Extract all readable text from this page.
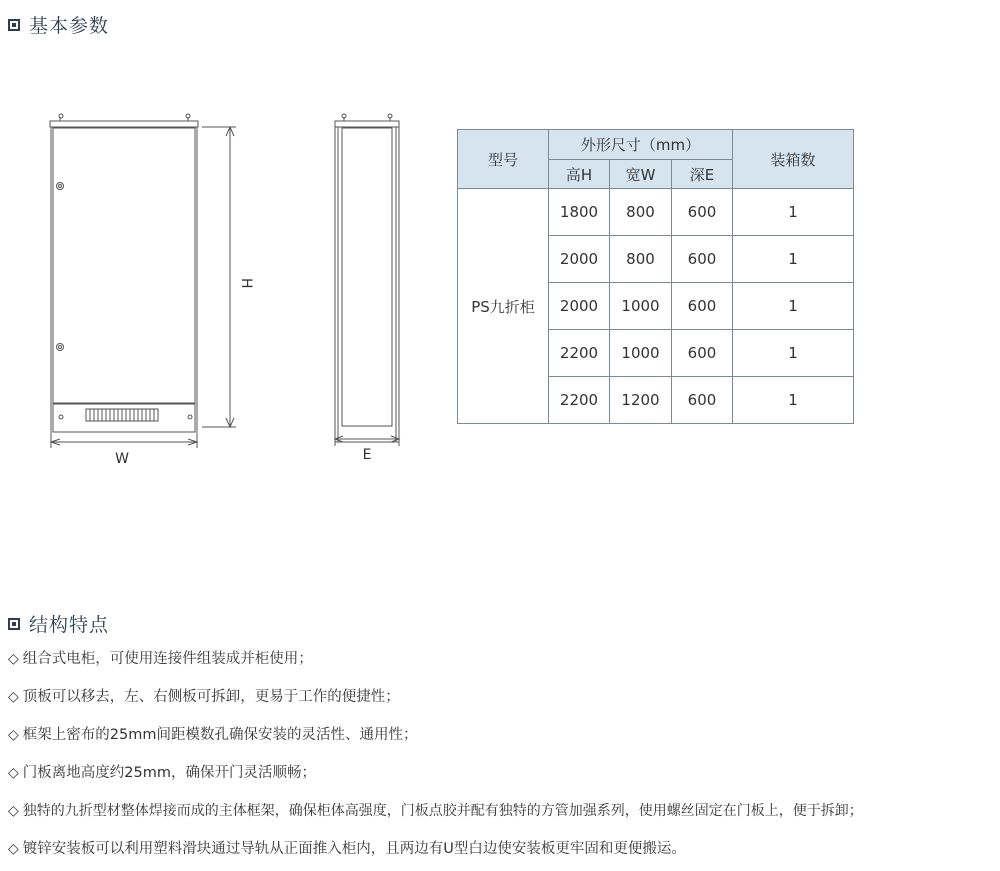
基本参数
H
W	E
型号	外形尺寸（mm）			装箱数
	高H	宽W	深E	
PS九折柜	1800	800	600	1
	2000	800	600	1
	2000	1000	600	1
	2200	1000	600	1
	2200	1200	600	1
结构特点
◇ 组合式电柜，可使用连接件组装成并柜使用；
◇ 顶板可以移去，左、右侧板可拆卸，更易于工作的便捷性；
◇ 框架上密布的25mm间距模数孔确保安装的灵活性、通用性；
◇ 门板离地高度约25mm，确保开门灵活顺畅；
◇ 独特的九折型材整体焊接而成的主体框架，确保柜体高强度，门板点胶并配有独特的方管加强系列，使用螺丝固定在门板上，便于拆卸；
◇ 镀锌安装板可以利用塑料滑块通过导轨从正面推入柜内，且两边有U型白边使安装板更牢固和更便搬运。
